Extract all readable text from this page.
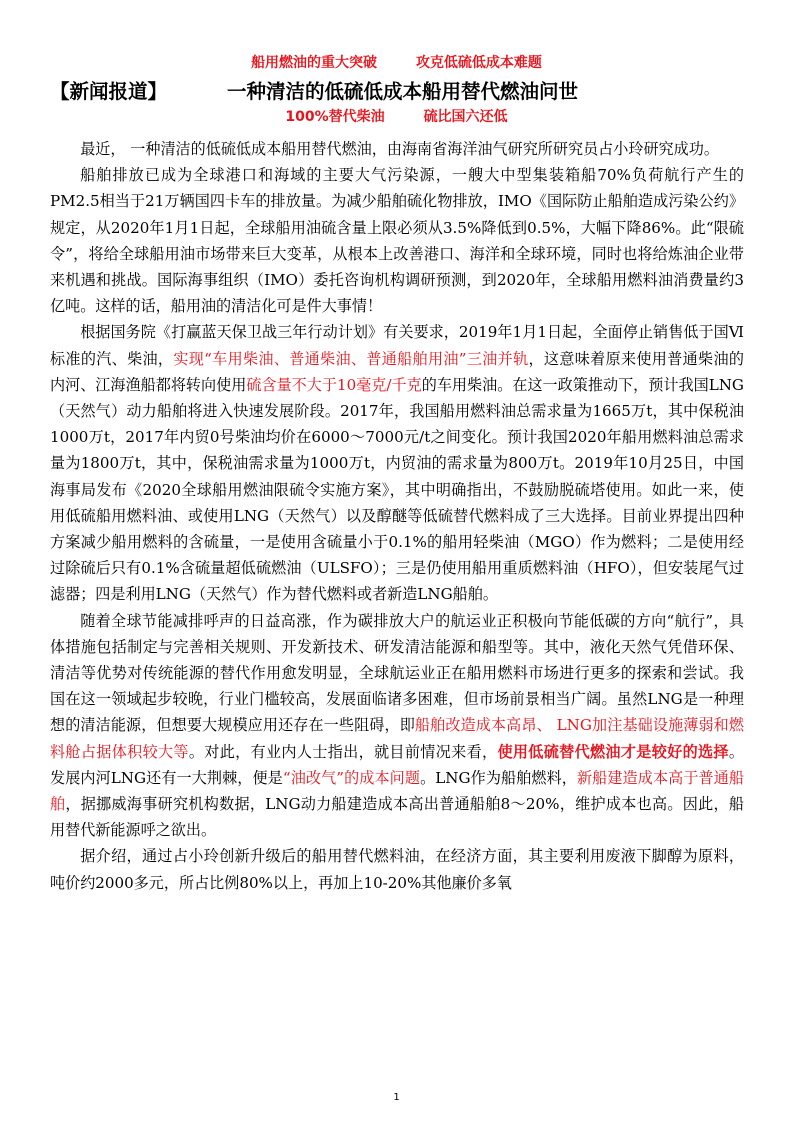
船用燃油的重大突破	攻克低硫低成本难题
【新闻报道】	一种清洁的低硫低成本船用替代燃油问世
100%替代柴油	硫比国六还低

最近， 一种清洁的低硫低成本船用替代燃油，由海南省海洋油气研究所研究员占小玲研究成功。

船舶排放已成为全球港口和海域的主要大气污染源，一艘大中型集装箱船70%负荷航行产生的PM2.5相当于21万辆国四卡车的排放量。为减少船舶硫化物排放，IMO《国际防止船舶造成污染公约》规定，从2020年1月1日起，全球船用油硫含量上限必须从3.5%降低到0.5%，大幅下降86%。此“限硫令”，将给全球船用油市场带来巨大变革，从根本上改善港口、海洋和全球环境，同时也将给炼油企业带来机遇和挑战。国际海事组织（IMO）委托咨询机构调研预测，到2020年，全球船用燃料油消费量约3亿吨。这样的话，船用油的清洁化可是件大事情！

根据国务院《打赢蓝天保卫战三年行动计划》有关要求，2019年1月1日起，全面停止销售低于国Ⅵ标准的汽、柴油，实现“车用柴油、普通柴油、普通船舶用油”三油并轨，这意味着原来使用普通柴油的内河、江海渔船都将转向使用硫含量不大于10毫克/千克的车用柴油。在这一政策推动下，预计我国LNG（天然气）动力船舶将进入快速发展阶段。2017年，我国船用燃料油总需求量为1665万t，其中保税油1000万t，2017年内贸0号柴油均价在6000～7000元/t之间变化。预计我国2020年船用燃料油总需求量为1800万t，其中，保税油需求量为1000万t，内贸油的需求量为800万t。2019年10月25日，中国海事局发布《2020全球船用燃油限硫令实施方案》，其中明确指出，不鼓励脱硫塔使用。如此一来，使用低硫船用燃料油、或使用LNG（天然气）以及醇醚等低硫替代燃料成了三大选择。目前业界提出四种方案减少船用燃料的含硫量，一是使用含硫量小于0.1%的船用轻柴油（MGO）作为燃料；二是使用经过除硫后只有0.1%含硫量超低硫燃油（ULSFO）；三是仍使用船用重质燃料油（HFO），但安装尾气过滤器；四是利用LNG（天然气）作为替代燃料或者新造LNG船舶。

随着全球节能减排呼声的日益高涨，作为碳排放大户的航运业正积极向节能低碳的方向“航行”，具体措施包括制定与完善相关规则、开发新技术、研发清洁能源和船型等。其中，液化天然气凭借环保、清洁等优势对传统能源的替代作用愈发明显，全球航运业正在船用燃料市场进行更多的探索和尝试。我国在这一领域起步较晚，行业门槛较高，发展面临诸多困难，但市场前景相当广阔。虽然LNG是一种理想的清洁能源，但想要大规模应用还存在一些阻碍，即船舶改造成本高昂、 LNG加注基础设施薄弱和燃料舱占据体积较大等。对此，有业内人士指出，就目前情况来看，使用低硫替代燃油才是较好的选择。发展内河LNG还有一大荆棘，便是“油改气”的成本问题。LNG作为船舶燃料，新船建造成本高于普通船舶，据挪威海事研究机构数据，LNG动力船建造成本高出普通船舶8～20%，维护成本也高。因此，船用替代新能源呼之欲出。

据介绍，通过占小玲创新升级后的船用替代燃料油，在经济方面，其主要利用废液下脚醇为原料，吨价约2000多元，所占比例80%以上，再加上10-20%其他廉价多氧

1
